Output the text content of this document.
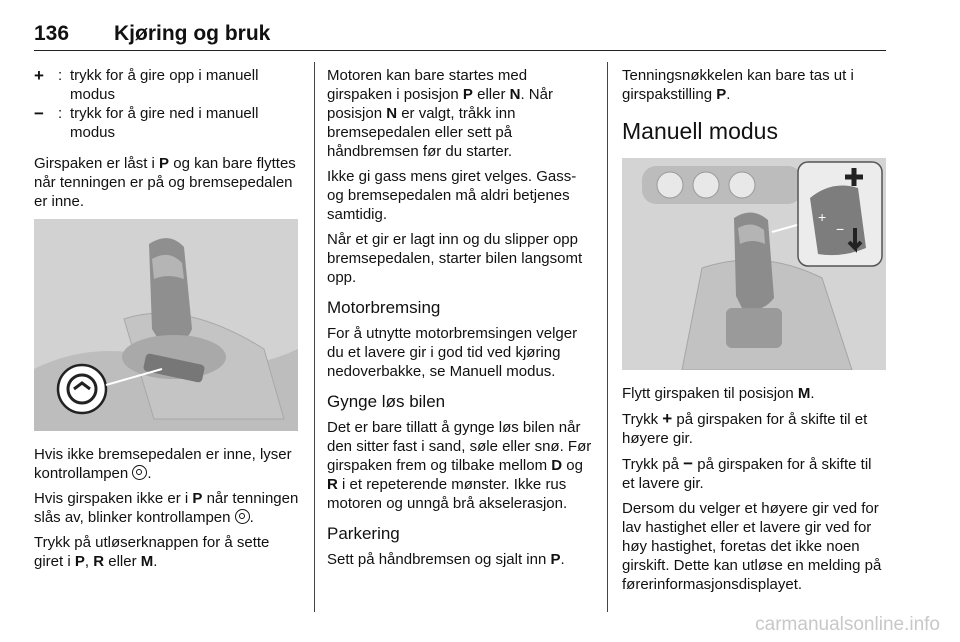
136 Kjøring og bruk
+ : trykk for å gire opp i manuell modus
− : trykk for å gire ned i manuell modus

Girspaken er låst i P og kan bare flyttes når tenningen er på og bremsepedalen er inne.

Hvis ikke bremsepedalen er inne, lyser kontrollampen .

Hvis girspaken ikke er i P når tenningen slås av, blinker kontrollampen .

Trykk på utløserknappen for å sette giret i P, R eller M.

Motoren kan bare startes med girspaken i posisjon P eller N. Når posisjon N er valgt, tråkk inn bremsepedalen eller sett på håndbremsen før du starter.

Ikke gi gass mens giret velges. Gass- og bremsepedalen må aldri betjenes samtidig.

Når et gir er lagt inn og du slipper opp bremsepedalen, starter bilen langsomt opp.

Motorbremsing

For å utnytte motorbremsingen velger du et lavere gir i god tid ved kjøring nedoverbakke, se Manuell modus.

Gynge løs bilen

Det er bare tillatt å gynge løs bilen når den sitter fast i sand, søle eller snø. Før girspaken frem og tilbake mellom D og R i et repeterende mønster. Ikke rus motoren og unngå brå akselerasjon.

Parkering

Sett på håndbremsen og sjalt inn P.

Tenningsnøkkelen kan bare tas ut i girspakstilling P.

Manuell modus
+
−

Flytt girspaken til posisjon M.

Trykk + på girspaken for å skifte til et høyere gir.

Trykk på − på girspaken for å skifte til et lavere gir.

Dersom du velger et høyere gir ved for lav hastighet eller et lavere gir ved for høy hastighet, foretas det ikke noen girskift. Dette kan utløse en melding på førerinformasjonsdisplayet.

carmanualsonline.info
